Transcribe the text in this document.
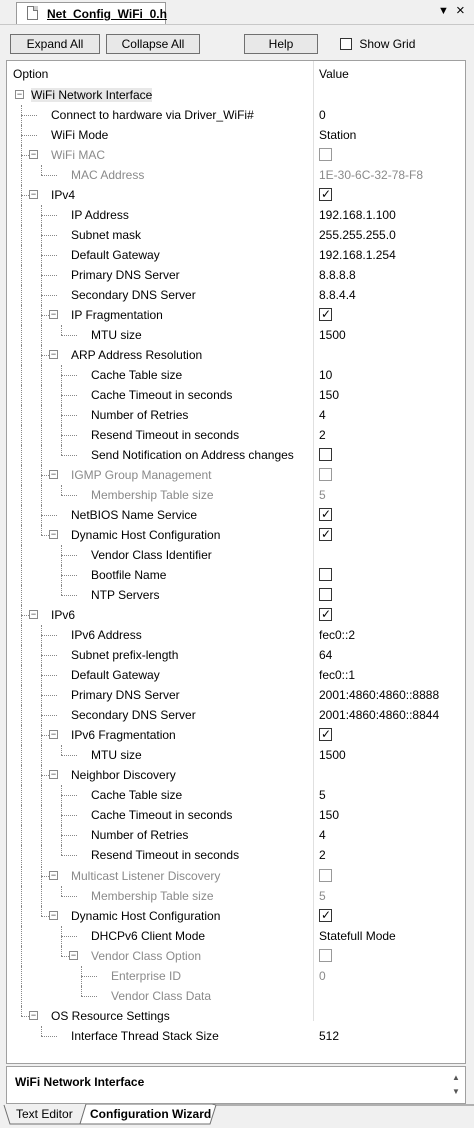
Net_Config_WiFi_0.h	▼ ×
Expand All	Collapse All	Help	Show Grid
Option	Value
− WiFi Network Interface
Connect to hardware via Driver_WiFi#	0
WiFi Mode	Station
− WiFi MAC
MAC Address	1E-30-6C-32-78-F8
− IPv4	✓
IP Address	192.168.1.100
Subnet mask	255.255.255.0
Default Gateway	192.168.1.254
Primary DNS Server	8.8.8.8
Secondary DNS Server	8.8.4.4
− IP Fragmentation	✓
MTU size	1500
− ARP Address Resolution
Cache Table size	10
Cache Timeout in seconds	150
Number of Retries	4
Resend Timeout in seconds	2
Send Notification on Address changes
− IGMP Group Management
Membership Table size	5
NetBIOS Name Service	✓
− Dynamic Host Configuration	✓
Vendor Class Identifier
Bootfile Name
NTP Servers
− IPv6	✓
IPv6 Address	fec0::2
Subnet prefix-length	64
Default Gateway	fec0::1
Primary DNS Server	2001:4860:4860::8888
Secondary DNS Server	2001:4860:4860::8844
− IPv6 Fragmentation	✓
MTU size	1500
− Neighbor Discovery
Cache Table size	5
Cache Timeout in seconds	150
Number of Retries	4
Resend Timeout in seconds	2
− Multicast Listener Discovery
Membership Table size	5
− Dynamic Host Configuration	✓
DHCPv6 Client Mode	Statefull Mode
− Vendor Class Option
Enterprise ID	0
Vendor Class Data
− OS Resource Settings
Interface Thread Stack Size	512
WiFi Network Interface	▲
▼
Text Editor Configuration Wizard
